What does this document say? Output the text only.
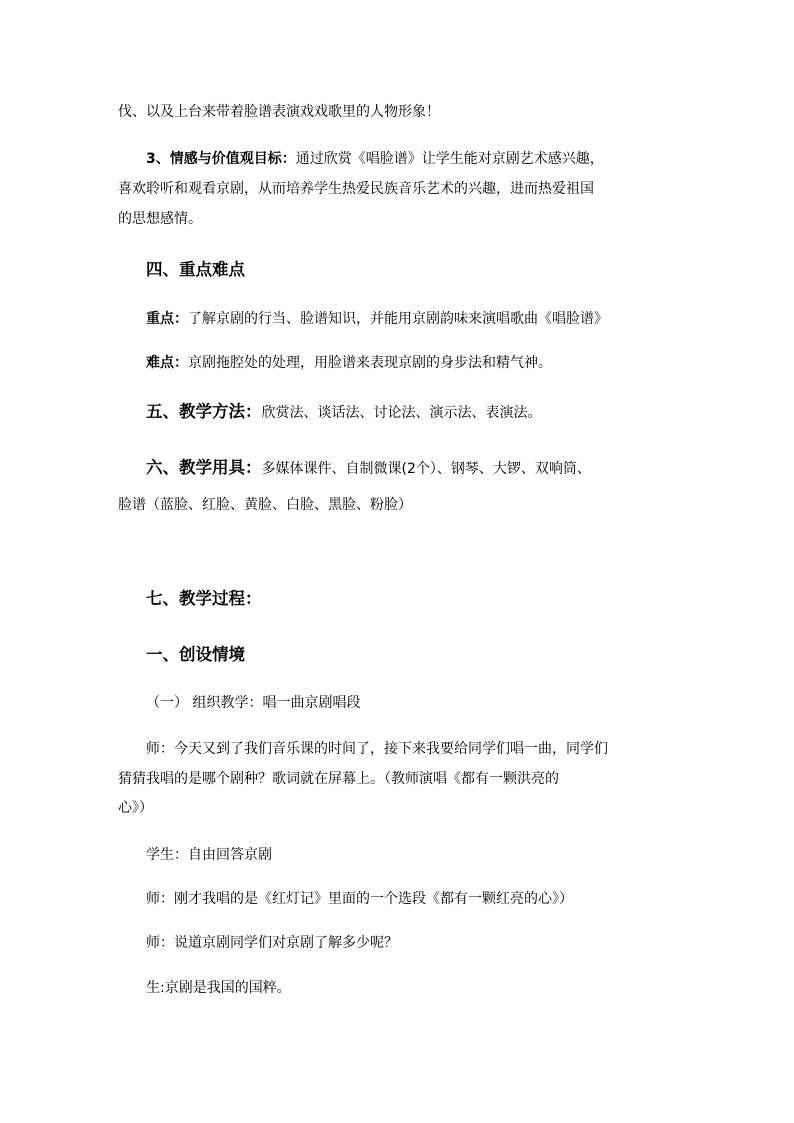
伐、以及上台来带着脸谱表演戏戏歌里的人物形象！
3、情感与价值观目标：通过欣赏《唱脸谱》让学生能对京剧艺术感兴趣，
喜欢聆听和观看京剧，从而培养学生热爱民族音乐艺术的兴趣，进而热爱祖国
的思想感情。
四、重点难点
重点：了解京剧的行当、脸谱知识，并能用京剧韵味来演唱歌曲《唱脸谱》
难点：京剧拖腔处的处理，用脸谱来表现京剧的身步法和精气神。
五、教学方法：欣赏法、谈话法、讨论法、演示法、表演法。
六、教学用具：多媒体课件、自制微课(2个）、钢琴、大锣、双响筒、
脸谱（蓝脸、红脸、黄脸、白脸、黑脸、粉脸）
七、教学过程：
一、创设情境
（一） 组织教学：唱一曲京剧唱段
师：今天又到了我们音乐课的时间了，接下来我要给同学们唱一曲，同学们
猜猜我唱的是哪个剧种？歌词就在屏幕上。（教师演唱《都有一颗洪亮的
心》）
学生：自由回答京剧
师：刚才我唱的是《红灯记》里面的一个选段《都有一颗红亮的心》）
师：说道京剧同学们对京剧了解多少呢？
生:京剧是我国的国粹。
